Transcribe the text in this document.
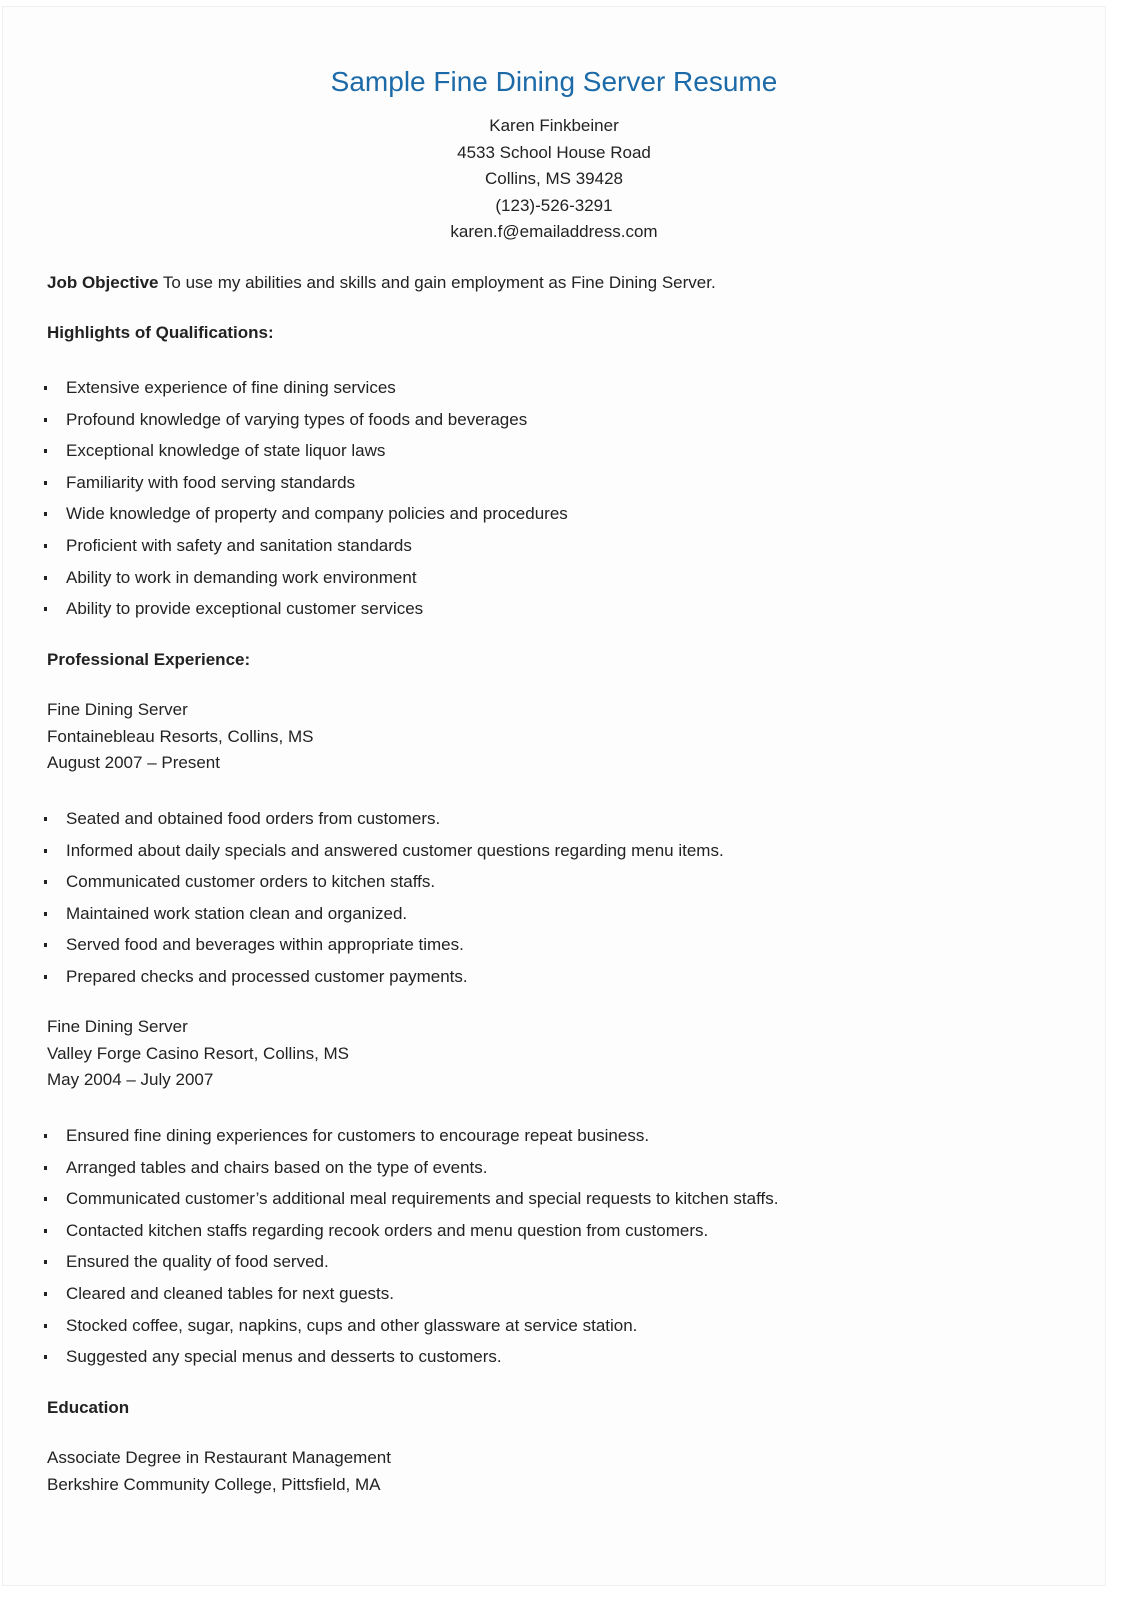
Sample Fine Dining Server Resume
Karen Finkbeiner
4533 School House Road
Collins, MS 39428
(123)-526-3291
karen.f@emailaddress.com
Job Objective To use my abilities and skills and gain employment as Fine Dining Server.
Highlights of Qualifications:
Extensive experience of fine dining services
Profound knowledge of varying types of foods and beverages
Exceptional knowledge of state liquor laws
Familiarity with food serving standards
Wide knowledge of property and company policies and procedures
Proficient with safety and sanitation standards
Ability to work in demanding work environment
Ability to provide exceptional customer services
Professional Experience:
Fine Dining Server
Fontainebleau Resorts, Collins, MS
August 2007 – Present
Seated and obtained food orders from customers.
Informed about daily specials and answered customer questions regarding menu items.
Communicated customer orders to kitchen staffs.
Maintained work station clean and organized.
Served food and beverages within appropriate times.
Prepared checks and processed customer payments.
Fine Dining Server
Valley Forge Casino Resort, Collins, MS
May 2004 – July 2007
Ensured fine dining experiences for customers to encourage repeat business.
Arranged tables and chairs based on the type of events.
Communicated customer’s additional meal requirements and special requests to kitchen staffs.
Contacted kitchen staffs regarding recook orders and menu question from customers.
Ensured the quality of food served.
Cleared and cleaned tables for next guests.
Stocked coffee, sugar, napkins, cups and other glassware at service station.
Suggested any special menus and desserts to customers.
Education
Associate Degree in Restaurant Management
Berkshire Community College, Pittsfield, MA
